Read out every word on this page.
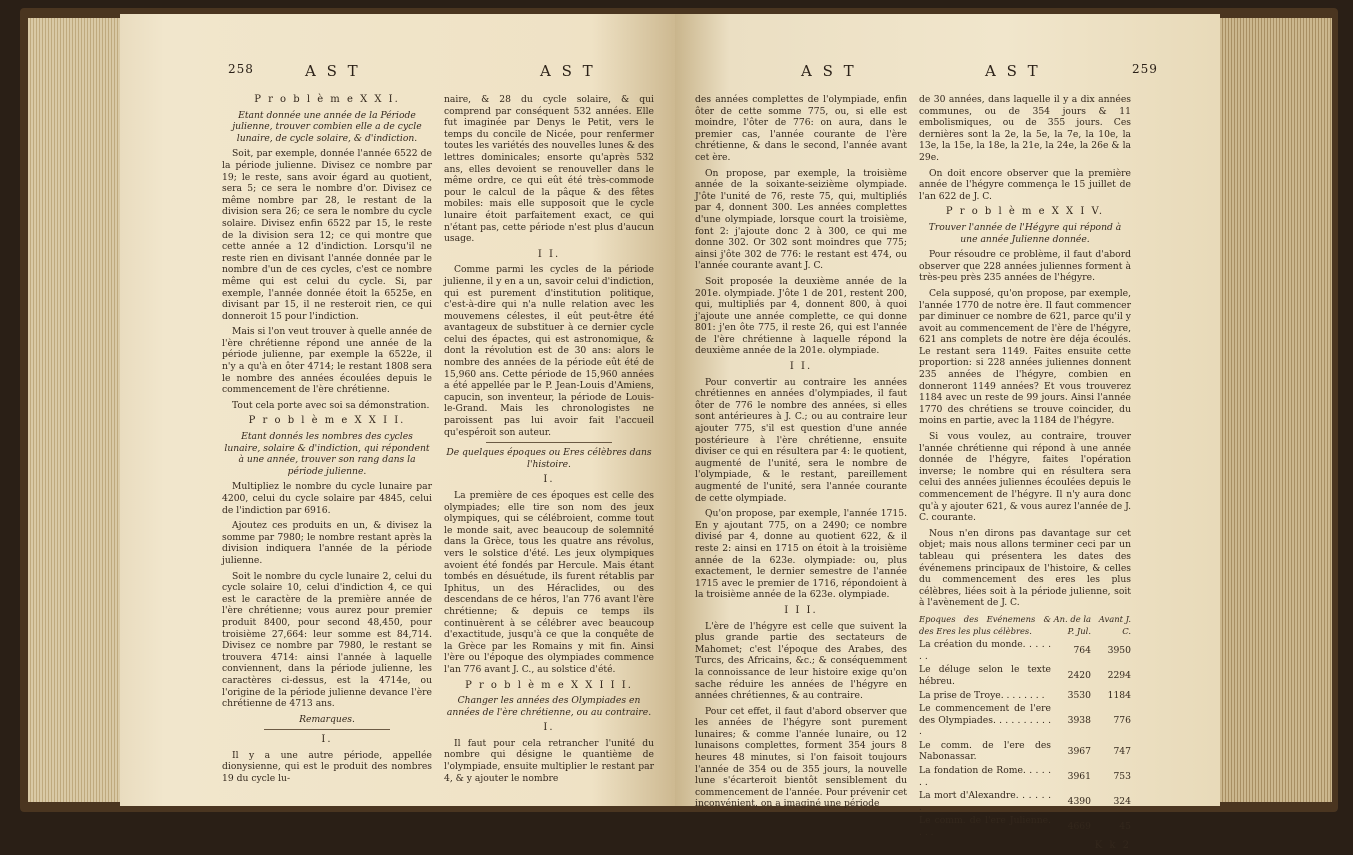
258	A S T	A S T

P r o b l è m e X X I.

Etant donnée une année de la Période julienne, trouver combien elle a de cycle lunaire, de cycle solaire, & d'indiction.

Soit, par exemple, donnée l'année 6522 de la période julienne. Divisez ce nombre par 19; le reste, sans avoir égard au quotient, sera 5; ce sera le nombre d'or. Divisez ce même nombre par 28, le restant de la division sera 26; ce sera le nombre du cycle solaire. Divisez enfin 6522 par 15, le reste de la division sera 12; ce qui montre que cette année a 12 d'indiction. Lorsqu'il ne reste rien en divisant l'année donnée par le nombre d'un de ces cycles, c'est ce nombre même qui est celui du cycle. Si, par exemple, l'année donnée étoit la 6525e, en divisant par 15, il ne resteroit rien, ce qui donneroit 15 pour l'indiction.

Mais si l'on veut trouver à quelle année de l'ère chrétienne répond une année de la période julienne, par exemple la 6522e, il n'y a qu'à en ôter 4714; le restant 1808 sera le nombre des années écoulées depuis le commencement de l'ère chrétienne.

Tout cela porte avec soi sa démonstration.

P r o b l è m e X X I I.

Etant donnés les nombres des cycles lunaire, solaire & d'indiction, qui répondent à une année, trouver son rang dans la période julienne.

Multipliez le nombre du cycle lunaire par 4200, celui du cycle solaire par 4845, celui de l'indiction par 6916.

Ajoutez ces produits en un, & divisez la somme par 7980; le nombre restant après la division indiquera l'année de la période julienne.

Soit le nombre du cycle lunaire 2, celui du cycle solaire 10, celui d'indiction 4, ce qui est le caractère de la première année de l'ère chrétienne; vous aurez pour premier produit 8400, pour second 48,450, pour troisième 27,664: leur somme est 84,714. Divisez ce nombre par 7980, le restant se trouvera 4714: ainsi l'année à laquelle conviennent, dans la période julienne, les caractères ci-dessus, est la 4714e, ou l'origine de la période julienne devance l'ère chrétienne de 4713 ans.

Remarques.

I.

Il y a une autre période, appellée dionysienne, qui est le produit des nombres 19 du cycle lu-

naire, & 28 du cycle solaire, & qui comprend par conséquent 532 années. Elle fut imaginée par Denys le Petit, vers le temps du concile de Nicée, pour renfermer toutes les variétés des nouvelles lunes & des lettres dominicales; ensorte qu'après 532 ans, elles devoient se renouveller dans le même ordre, ce qui eût été très-commode pour le calcul de la pâque & des fêtes mobiles: mais elle supposoit que le cycle lunaire étoit parfaitement exact, ce qui n'étant pas, cette période n'est plus d'aucun usage.

I I.

Comme parmi les cycles de la période julienne, il y en a un, savoir celui d'indiction, qui est purement d'institution politique, c'est-à-dire qui n'a nulle relation avec les mouvemens célestes, il eût peut-être été avantageux de substituer à ce dernier cycle celui des épactes, qui est astronomique, & dont la révolution est de 30 ans: alors le nombre des années de la période eût été de 15,960 ans. Cette période de 15,960 années a été appellée par le P. Jean-Louis d'Amiens, capucin, son inventeur, la période de Louis-le-Grand. Mais les chronologistes ne paroissent pas lui avoir fait l'accueil qu'espéroit son auteur.

De quelques époques ou Eres célèbres dans l'histoire.

I.

La première de ces époques est celle des olympiades; elle tire son nom des jeux olympiques, qui se célébroient, comme tout le monde sait, avec beaucoup de solemnité dans la Grèce, tous les quatre ans révolus, vers le solstice d'été. Les jeux olympiques avoient été fondés par Hercule. Mais étant tombés en désuétude, ils furent rétablis par Iphitus, un des Héraclides, ou des descendans de ce héros, l'an 776 avant l'ère chrétienne; & depuis ce temps ils continuèrent à se célébrer avec beaucoup d'exactitude, jusqu'à ce que la conquête de la Grèce par les Romains y mit fin. Ainsi l'ère ou l'époque des olympiades commence l'an 776 avant J. C., au solstice d'été.

P r o b l è m e X X I I I.

Changer les années des Olympiades en années de l'ère chrétienne, ou au contraire.

I.

Il faut pour cela retrancher l'unité du nombre qui désigne le quantième de l'olympiade, ensuite multiplier le restant par 4, & y ajouter le nombre

A S T	A S T	259

des années complettes de l'olympiade, enfin ôter de cette somme 775, ou, si elle est moindre, l'ôter de 776: on aura, dans le premier cas, l'année courante de l'ère chrétienne, & dans le second, l'année avant cet ère.

On propose, par exemple, la troisième année de la soixante-seizième olympiade. J'ôte l'unité de 76, reste 75, qui, multipliés par 4, donnent 300. Les années complettes d'une olympiade, lorsque court la troisième, font 2: j'ajoute donc 2 à 300, ce qui me donne 302. Or 302 sont moindres que 775; ainsi j'ôte 302 de 776: le restant est 474, ou l'année courante avant J. C.

Soit proposée la deuxième année de la 201e. olympiade. J'ôte 1 de 201, restent 200, qui, multipliés par 4, donnent 800, à quoi j'ajoute une année complette, ce qui donne 801: j'en ôte 775, il reste 26, qui est l'année de l'ère chrétienne à laquelle répond la deuxième année de la 201e. olympiade.

I I.

Pour convertir au contraire les années chrétiennes en années d'olympiades, il faut ôter de 776 le nombre des années, si elles sont antérieures à J. C.; ou au contraire leur ajouter 775, s'il est question d'une année postérieure à l'ère chrétienne, ensuite diviser ce qui en résultera par 4: le quotient, augmenté de l'unité, sera le nombre de l'olympiade, & le restant, pareillement augmenté de l'unité, sera l'année courante de cette olympiade.

Qu'on propose, par exemple, l'année 1715. En y ajoutant 775, on a 2490; ce nombre divisé par 4, donne au quotient 622, & il reste 2: ainsi en 1715 on étoit à la troisième année de la 623e. olympiade: ou, plus exactement, le dernier semestre de l'année 1715 avec le premier de 1716, répondoient à la troisième année de la 623e. olympiade.

I I I.

L'ère de l'hégyre est celle que suivent la plus grande partie des sectateurs de Mahomet; c'est l'époque des Arabes, des Turcs, des Africains, &c.; & conséquemment la connoissance de leur histoire exige qu'on sache réduire les années de l'hégyre en années chrétiennes, & au contraire.

Pour cet effet, il faut d'abord observer que les années de l'hégyre sont purement lunaires; & comme l'année lunaire, ou 12 lunaisons complettes, forment 354 jours 8 heures 48 minutes, si l'on faisoit toujours l'année de 354 ou de 355 jours, la nouvelle lune s'écarteroit bientôt sensiblement du commencement de l'année. Pour prévenir cet inconvénient, on a imaginé une période

de 30 années, dans laquelle il y a dix années communes, ou de 354 jours & 11 embolismiques, ou de 355 jours. Ces dernières sont la 2e, la 5e, la 7e, la 10e, la 13e, la 15e, la 18e, la 21e, la 24e, la 26e & la 29e.

On doit encore observer que la première année de l'hégyre commença le 15 juillet de l'an 622 de J. C.

P r o b l è m e X X I V.

Trouver l'année de l'Hégyre qui répond à une année Julienne donnée.

Pour résoudre ce problème, il faut d'abord observer que 228 années juliennes forment à très-peu près 235 années de l'hégyre.

Cela supposé, qu'on propose, par exemple, l'année 1770 de notre ère. Il faut commencer par diminuer ce nombre de 621, parce qu'il y avoit au commencement de l'ère de l'hégyre, 621 ans complets de notre ère déja écoulés. Le restant sera 1149. Faites ensuite cette proportion: si 228 années juliennes donnent 235 années de l'hégyre, combien en donneront 1149 années? Et vous trouverez 1184 avec un reste de 99 jours. Ainsi l'année 1770 des chrétiens se trouve coincider, du moins en partie, avec la 1184 de l'hégyre.

Si vous voulez, au contraire, trouver l'année chrétienne qui répond à une année donnée de l'hégyre, faites l'opération inverse; le nombre qui en résultera sera celui des années juliennes écoulées depuis le commencement de l'hégyre. Il n'y aura donc qu'à y ajouter 621, & vous aurez l'année de J. C. courante.

Nous n'en dirons pas davantage sur cet objet; mais nous allons terminer ceci par un tableau qui présentera les dates des événemens principaux de l'histoire, & celles du commencement des eres les plus célèbres, liées soit à la période julienne, soit à l'avènement de J. C.

Epoques des Evénemens & des Eres les plus célèbres.	An. de la P. Jul.	Avant J. C.
La création du monde. . . . . . .	764	3950
Le déluge selon le texte hébreu.	2420	2294
La prise de Troye. . . . . . . .	3530	1184
Le commencement de l'ere des Olympiades. . . . . . . . . . .	3938	776
Le comm. de l'ere des Nabonassar.	3967	747
La fondation de Rome. . . . . . .	3961	753
La mort d'Alexandre. . . . . . .	4390	324
Le comm. de l'ere Julienne. . . .	4669	45

K k 2
